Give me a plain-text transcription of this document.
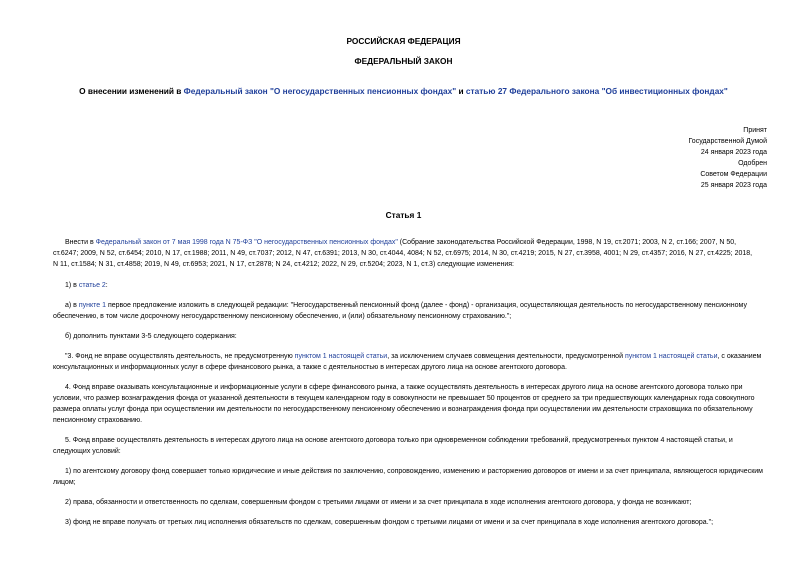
РОССИЙСКАЯ ФЕДЕРАЦИЯ
ФЕДЕРАЛЬНЫЙ ЗАКОН
О внесении изменений в Федеральный закон "О негосударственных пенсионных фондах" и статью 27 Федерального закона "Об инвестиционных фондах"
Принят
Государственной Думой
24 января 2023 года
Одобрен
Советом Федерации
25 января 2023 года
Статья 1
Внести в Федеральный закон от 7 мая 1998 года N 75-ФЗ "О негосударственных пенсионных фондах" (Собрание законодательства Российской Федерации, 1998, N 19, ст.2071; 2003, N 2, ст.166; 2007, N 50,
ст.6247; 2009, N 52, ст.6454; 2010, N 17, ст.1988; 2011, N 49, ст.7037; 2012, N 47, ст.6391; 2013, N 30, ст.4044, 4084; N 52, ст.6975; 2014, N 30, ст.4219; 2015, N 27, ст.3958, 4001; N 29, ст.4357; 2016, N 27, ст.4225; 2018,
N 11, ст.1584; N 31, ст.4858; 2019, N 49, ст.6953; 2021, N 17, ст.2878; N 24, ст.4212; 2022, N 29, ст.5204; 2023, N 1, ст.3) следующие изменения:
1) в статье 2:
а) в пункте 1 первое предложение изложить в следующей редакции: "Негосударственный пенсионный фонд (далее - фонд) - организация, осуществляющая деятельность по негосударственному пенсионному
обеспечению, в том числе досрочному негосударственному пенсионному обеспечению, и (или) обязательному пенсионному страхованию.";
б) дополнить пунктами 3-5 следующего содержания:
"3. Фонд не вправе осуществлять деятельность, не предусмотренную пунктом 1 настоящей статьи, за исключением случаев совмещения деятельности, предусмотренной пунктом 1 настоящей статьи, с оказанием
консультационных и информационных услуг в сфере финансового рынка, а также с деятельностью в интересах другого лица на основе агентского договора.
4. Фонд вправе оказывать консультационные и информационные услуги в сфере финансового рынка, а также осуществлять деятельность в интересах другого лица на основе агентского договора только при
условии, что размер вознаграждения фонда от указанной деятельности в текущем календарном году в совокупности не превышает 50 процентов от среднего за три предшествующих календарных года совокупного
размера оплаты услуг фонда при осуществлении им деятельности по негосударственному пенсионному обеспечению и вознаграждения фонда при осуществлении им деятельности страховщика по обязательному
пенсионному страхованию.
5. Фонд вправе осуществлять деятельность в интересах другого лица на основе агентского договора только при одновременном соблюдении требований, предусмотренных пунктом 4 настоящей статьи, и
следующих условий:
1) по агентскому договору фонд совершает только юридические и иные действия по заключению, сопровождению, изменению и расторжению договоров от имени и за счет принципала, являющегося юридическим
лицом;
2) права, обязанности и ответственность по сделкам, совершенным фондом с третьими лицами от имени и за счет принципала в ходе исполнения агентского договора, у фонда не возникают;
3) фонд не вправе получать от третьих лиц исполнения обязательств по сделкам, совершенным фондом с третьими лицами от имени и за счет принципала в ходе исполнения агентского договора.";
